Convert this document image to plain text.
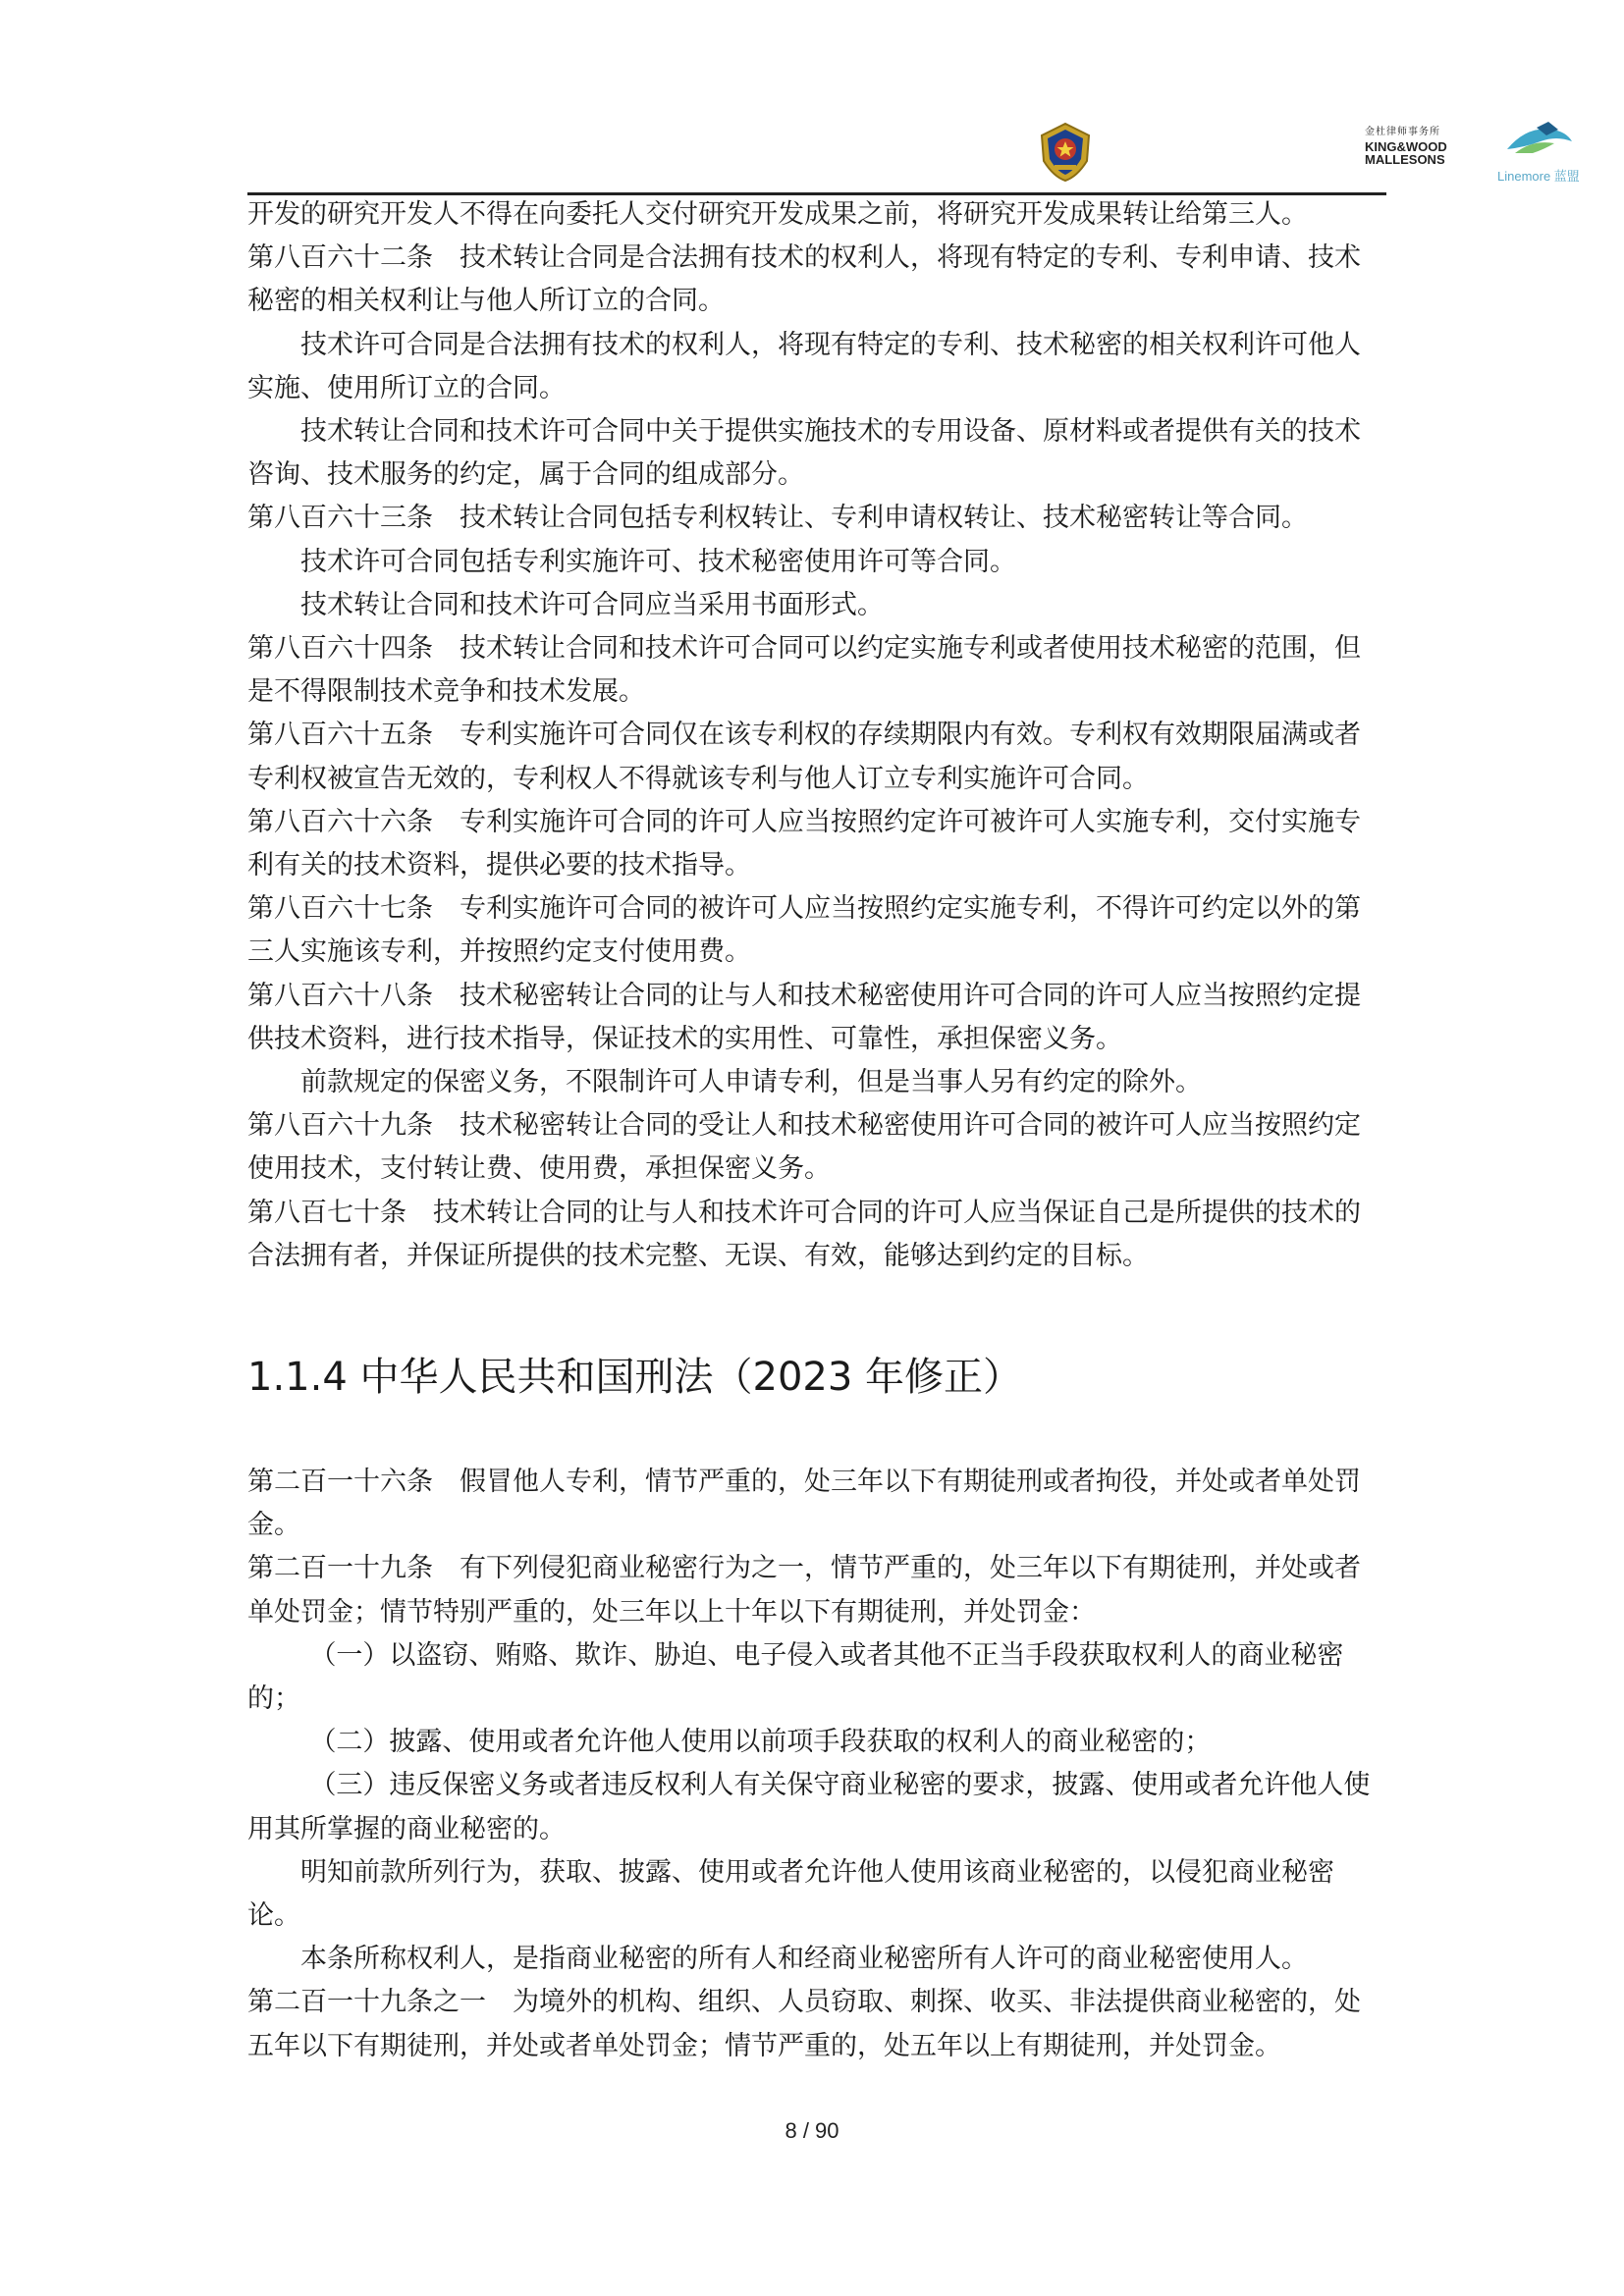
金杜律师事务所
KING&WOOD
MALLESONS
Linemore 蓝盟

开发的研究开发人不得在向委托人交付研究开发成果之前，将研究开发成果转让给第三人。

第八百六十二条　技术转让合同是合法拥有技术的权利人，将现有特定的专利、专利申请、技术秘密的相关权利让与他人所订立的合同。

技术许可合同是合法拥有技术的权利人，将现有特定的专利、技术秘密的相关权利许可他人实施、使用所订立的合同。

技术转让合同和技术许可合同中关于提供实施技术的专用设备、原材料或者提供有关的技术咨询、技术服务的约定，属于合同的组成部分。

第八百六十三条　技术转让合同包括专利权转让、专利申请权转让、技术秘密转让等合同。

技术许可合同包括专利实施许可、技术秘密使用许可等合同。

技术转让合同和技术许可合同应当采用书面形式。

第八百六十四条　技术转让合同和技术许可合同可以约定实施专利或者使用技术秘密的范围，但是不得限制技术竞争和技术发展。

第八百六十五条　专利实施许可合同仅在该专利权的存续期限内有效。专利权有效期限届满或者专利权被宣告无效的，专利权人不得就该专利与他人订立专利实施许可合同。

第八百六十六条　专利实施许可合同的许可人应当按照约定许可被许可人实施专利，交付实施专利有关的技术资料，提供必要的技术指导。

第八百六十七条　专利实施许可合同的被许可人应当按照约定实施专利，不得许可约定以外的第三人实施该专利，并按照约定支付使用费。

第八百六十八条　技术秘密转让合同的让与人和技术秘密使用许可合同的许可人应当按照约定提供技术资料，进行技术指导，保证技术的实用性、可靠性，承担保密义务。

前款规定的保密义务，不限制许可人申请专利，但是当事人另有约定的除外。

第八百六十九条　技术秘密转让合同的受让人和技术秘密使用许可合同的被许可人应当按照约定使用技术，支付转让费、使用费，承担保密义务。

第八百七十条　技术转让合同的让与人和技术许可合同的许可人应当保证自己是所提供的技术的合法拥有者，并保证所提供的技术完整、无误、有效，能够达到约定的目标。

1.1.4 中华人民共和国刑法（2023 年修正）

第二百一十六条　假冒他人专利，情节严重的，处三年以下有期徒刑或者拘役，并处或者单处罚金。

第二百一十九条　有下列侵犯商业秘密行为之一，情节严重的，处三年以下有期徒刑，并处或者单处罚金；情节特别严重的，处三年以上十年以下有期徒刑，并处罚金：

（一）以盗窃、贿赂、欺诈、胁迫、电子侵入或者其他不正当手段获取权利人的商业秘密的；

（二）披露、使用或者允许他人使用以前项手段获取的权利人的商业秘密的；

（三）违反保密义务或者违反权利人有关保守商业秘密的要求，披露、使用或者允许他人使用其所掌握的商业秘密的。

明知前款所列行为，获取、披露、使用或者允许他人使用该商业秘密的，以侵犯商业秘密论。

本条所称权利人，是指商业秘密的所有人和经商业秘密所有人许可的商业秘密使用人。

第二百一十九条之一　为境外的机构、组织、人员窃取、刺探、收买、非法提供商业秘密的，处五年以下有期徒刑，并处或者单处罚金；情节严重的，处五年以上有期徒刑，并处罚金。

8 / 90
